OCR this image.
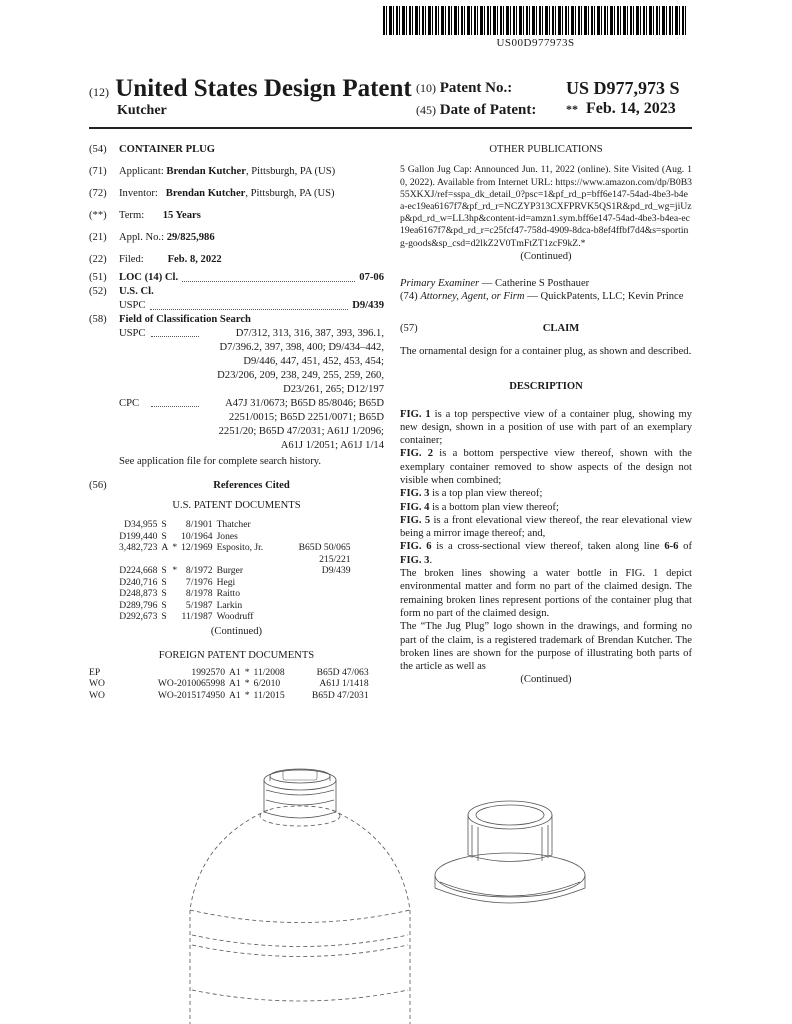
US00D977973S
(12) United States Design Patent
Kutcher
(10) Patent No.:	US D977,973 S
(45) Date of Patent: ** Feb. 14, 2023
(54)	CONTAINER PLUG
(71)	Applicant: Brendan Kutcher, Pittsburgh, PA (US)
(72)	Inventor: Brendan Kutcher, Pittsburgh, PA (US)
(**)	Term: 15 Years
(21)	Appl. No.: 29/825,986
(22)	Filed: Feb. 8, 2022
(51)	LOC (14) Cl.	07-06
(52)	U.S. Cl.
USPC	D9/439
(58)	Field of Classification Search
USPC	D7/312, 313, 316, 387, 393, 396.1, D7/396.2, 397, 398, 400; D9/434–442, D9/446, 447, 451, 452, 453, 454; D23/206, 209, 238, 249, 255, 259, 260, D23/261, 265; D12/197
CPC	A47J 31/0673; B65D 85/8046; B65D 2251/0015; B65D 2251/0071; B65D 2251/20; B65D 47/2031; A61J 1/2096; A61J 1/2051; A61J 1/14
See application file for complete search history.
(56)	References Cited
U.S. PATENT DOCUMENTS
D34,955	S		8/1901	Thatcher	
D199,440	S		10/1964	Jones	
3,482,723	A	*	12/1969	Esposito, Jr.	B65D 50/065
					215/221
D224,668	S	*	8/1972	Burger	D9/439
D240,716	S		7/1976	Hegi	
D248,873	S		8/1978	Raitto	
D289,796	S		5/1987	Larkin	
D292,673	S		11/1987	Woodruff	
(Continued)
FOREIGN PATENT DOCUMENTS
EP	1992570	A1	*	11/2008	B65D 47/063
WO	WO-2010065998	A1	*	6/2010	A61J 1/1418
WO	WO-2015174950	A1	*	11/2015	B65D 47/2031
OTHER PUBLICATIONS

5 Gallon Jug Cap: Announced Jun. 11, 2022 (online). Site Visited (Aug. 10, 2022). Available from Internet URL: https://www.amazon.com/dp/B0B355XKXJ/ref=sspa_dk_detail_0?psc=1&pf_rd_p=bff6e147-54ad-4be3-b4ea-ec19ea6167f7&pf_rd_r=NCZYP313CXFPRVK5QS1R&pd_rd_wg=jiUzp&pd_rd_w=LL3hp&content-id=amzn1.sym.bff6e147-54ad-4be3-b4ea-ec19ea6167f7&pd_rd_r=c25fcf47-758d-4909-8dca-b8ef4ffbf7d4&s=sporting-goods&sp_csd=d2lkZ2V0TmFtZT1zcF9kZ.*

(Continued)

Primary Examiner — Catherine S Posthauer

(74) Attorney, Agent, or Firm — QuickPatents, LLC; Kevin Prince

(57)	CLAIM

The ornamental design for a container plug, as shown and described.

DESCRIPTION

FIG. 1 is a top perspective view of a container plug, showing my new design, shown in a position of use with part of an exemplary container;

FIG. 2 is a bottom perspective view thereof, shown with the exemplary container removed to show aspects of the design not visible when combined;

FIG. 3 is a top plan view thereof;

FIG. 4 is a bottom plan view thereof;

FIG. 5 is a front elevational view thereof, the rear elevational view being a mirror image thereof; and,

FIG. 6 is a cross-sectional view thereof, taken along line 6-6 of FIG. 3.

The broken lines showing a water bottle in FIG. 1 depict environmental matter and form no part of the claimed design. The remaining broken lines represent portions of the container plug that form no part of the claimed design.

The “The Jug Plug” logo shown in the drawings, and forming no part of the claim, is a registered trademark of Brendan Kutcher. The broken lines are shown for the purpose of illustrating both parts of the article as well as

(Continued)
